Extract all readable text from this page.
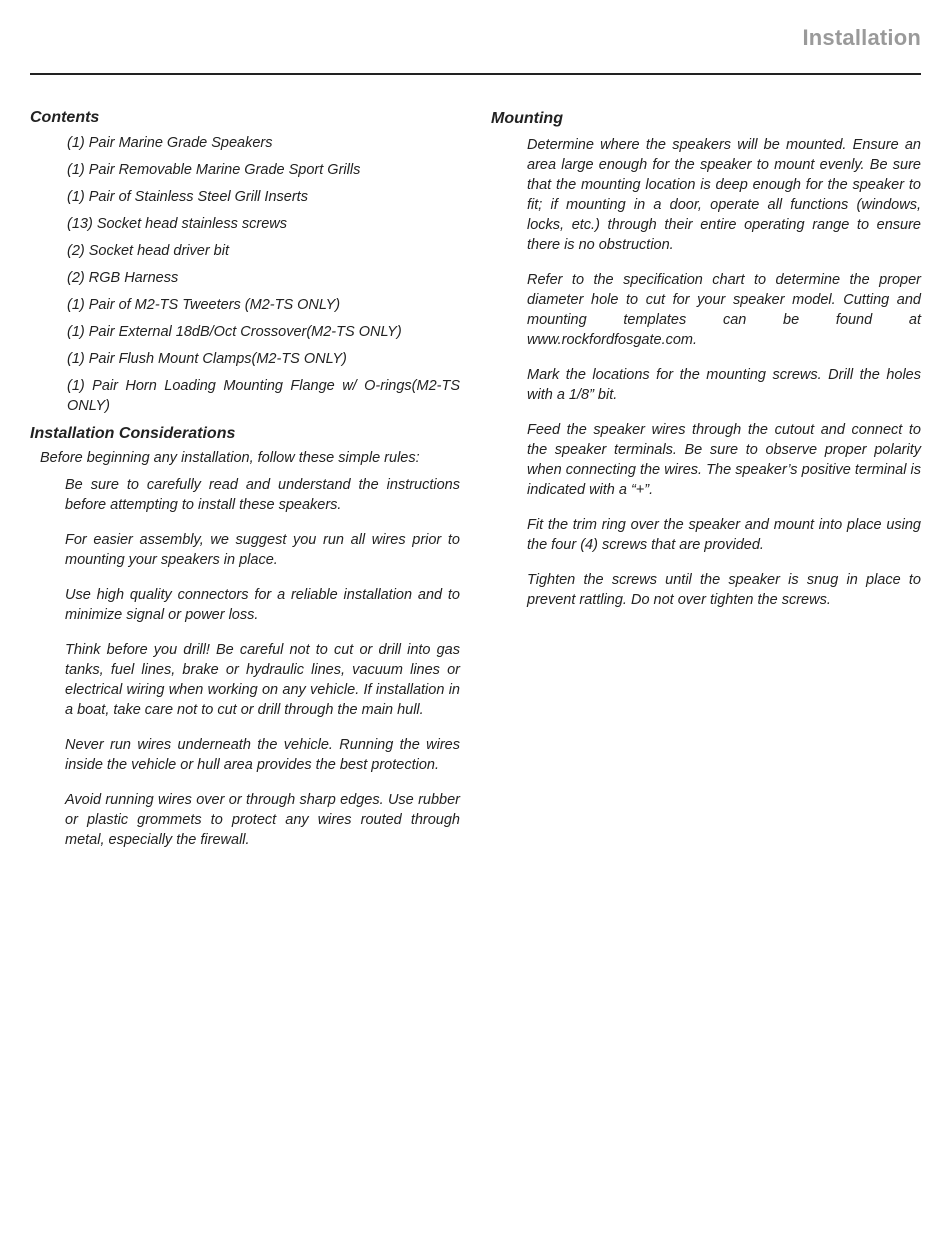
Installation
Contents
(1) Pair Marine Grade Speakers
(1) Pair Removable Marine Grade Sport Grills
(1) Pair of Stainless Steel Grill Inserts
(13) Socket head stainless screws
(2) Socket head driver bit
(2) RGB Harness
(1) Pair of M2-TS Tweeters (M2-TS ONLY)
(1) Pair External 18dB/Oct Crossover(M2-TS ONLY)
(1) Pair Flush Mount Clamps(M2-TS ONLY)
(1) Pair Horn Loading Mounting Flange w/ O-rings(M2-TS ONLY)
Installation Considerations

Before beginning any installation, follow these simple rules:

Be sure to carefully read and understand the instructions before attempting to install these speakers.

For easier assembly, we suggest you run all wires prior to mounting your speakers in place.

Use high quality connectors for a reliable installation and to minimize signal or power loss.

Think before you drill! Be careful not to cut or drill into gas tanks, fuel lines, brake or hydraulic lines, vacuum lines or electrical wiring when working on any vehicle. If installation in a boat, take care not to cut or drill through the main hull.

Never run wires underneath the vehicle. Running the wires inside the vehicle or hull area provides the best protection.

Avoid running wires over or through sharp edges. Use rubber or plastic grommets to protect any wires routed through metal, especially the firewall.

Mounting

Determine where the speakers will be mounted. Ensure an area large enough for the speaker to mount evenly. Be sure that the mounting location is deep enough for the speaker to fit; if mounting in a door, operate all functions (windows, locks, etc.) through their entire operating range to ensure there is no obstruction.

Refer to the specification chart to determine the proper diameter hole to cut for your speaker model. Cutting and mounting templates can be found at www.rockfordfosgate.com.

Mark the locations for the mounting screws. Drill the holes with a 1/8” bit.

Feed the speaker wires through the cutout and connect to the speaker terminals. Be sure to observe proper polarity when connecting the wires. The speaker’s positive terminal is indicated with a “+”.

Fit the trim ring over the speaker and mount into place using the four (4) screws that are provided.

Tighten the screws until the speaker is snug in place to prevent rattling. Do not over tighten the screws.
